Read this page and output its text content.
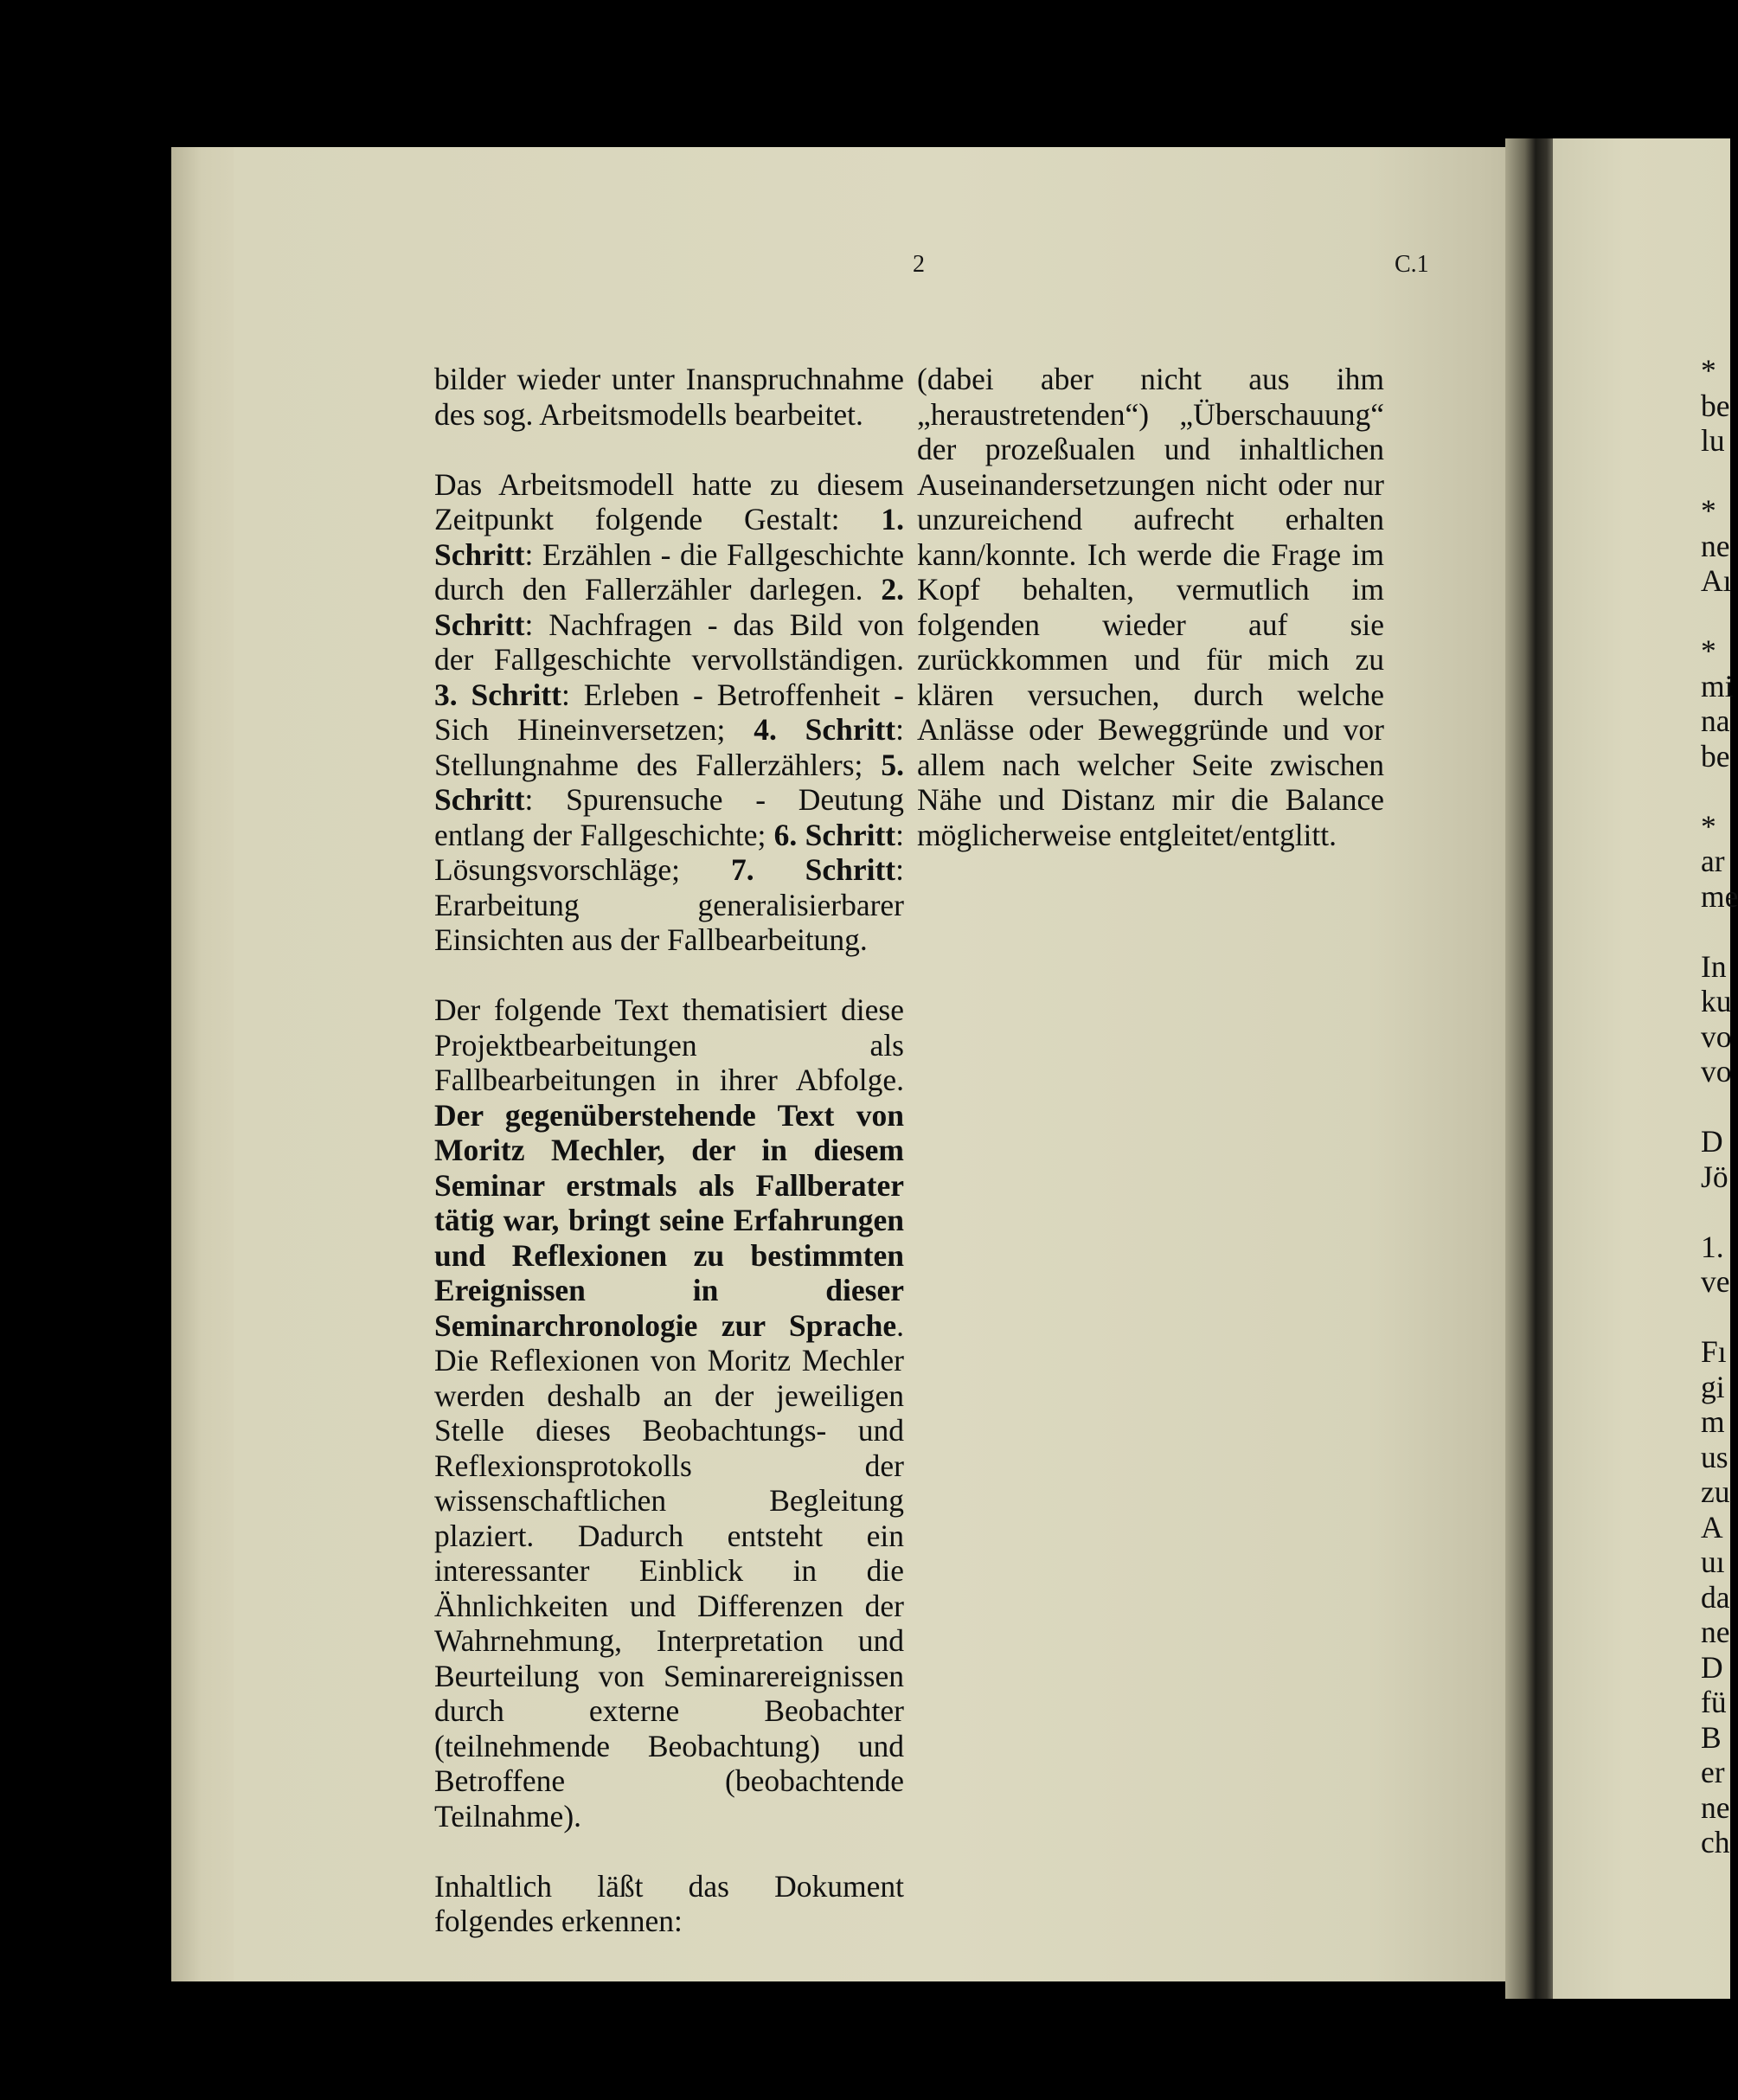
2	C.1

bilder wieder unter Inanspruchnahme des sog. Arbeitsmodells bearbeitet.

Das Arbeitsmodell hatte zu diesem Zeitpunkt folgende Gestalt: 1. Schritt: Erzählen - die Fallgeschichte durch den Fallerzähler darlegen. 2. Schritt: Nachfragen - das Bild von der Fallgeschichte vervollständigen. 3. Schritt: Erleben - Betroffenheit - Sich Hineinversetzen; 4. Schritt: Stellungnahme des Fallerzählers; 5. Schritt: Spurensuche - Deutung entlang der Fallgeschichte; 6. Schritt: Lösungsvorschläge; 7. Schritt: Erarbeitung generalisierbarer Einsichten aus der Fallbearbeitung.

Der folgende Text thematisiert diese Projektbearbeitungen als Fallbearbeitungen in ihrer Abfolge. Der gegenüberstehende Text von Moritz Mechler, der in diesem Seminar erstmals als Fallberater tätig war, bringt seine Erfahrungen und Reflexionen zu bestimmten Ereignissen in dieser Seminarchronologie zur Sprache. Die Reflexionen von Moritz Mechler werden deshalb an der jeweiligen Stelle dieses Beobachtungs- und Reflexionsprotokolls der wissenschaftlichen Begleitung plaziert. Dadurch entsteht ein interessanter Einblick in die Ähnlichkeiten und Differenzen der Wahrnehmung, Interpretation und Beurteilung von Seminarereignissen durch externe Beobachter (teilnehmende Beobachtung) und Betroffene (beobachtende Teilnahme).

Inhaltlich läßt das Dokument folgendes erkennen:

(dabei aber nicht aus ihm „heraustretenden“) „Überschauung“ der prozeßualen und inhaltlichen Auseinandersetzungen nicht oder nur unzureichend aufrecht erhalten kann/konnte. Ich werde die Frage im Kopf behalten, vermutlich im folgenden wieder auf sie zurückkommen und für mich zu klären versuchen, durch welche Anlässe oder Beweggründe und vor allem nach welcher Seite zwischen Nähe und Distanz mir die Balance möglicherweise entgleitet/entglitt.

*
be
lu
*
ne
Aı
*
mi
na
be
*
ar
me
In
ku
vo
vo
D
Jö
1.
ve
Fı
gi
m
us
zu
A
uı
da
ne
D
fü
B
er
ne
ch
